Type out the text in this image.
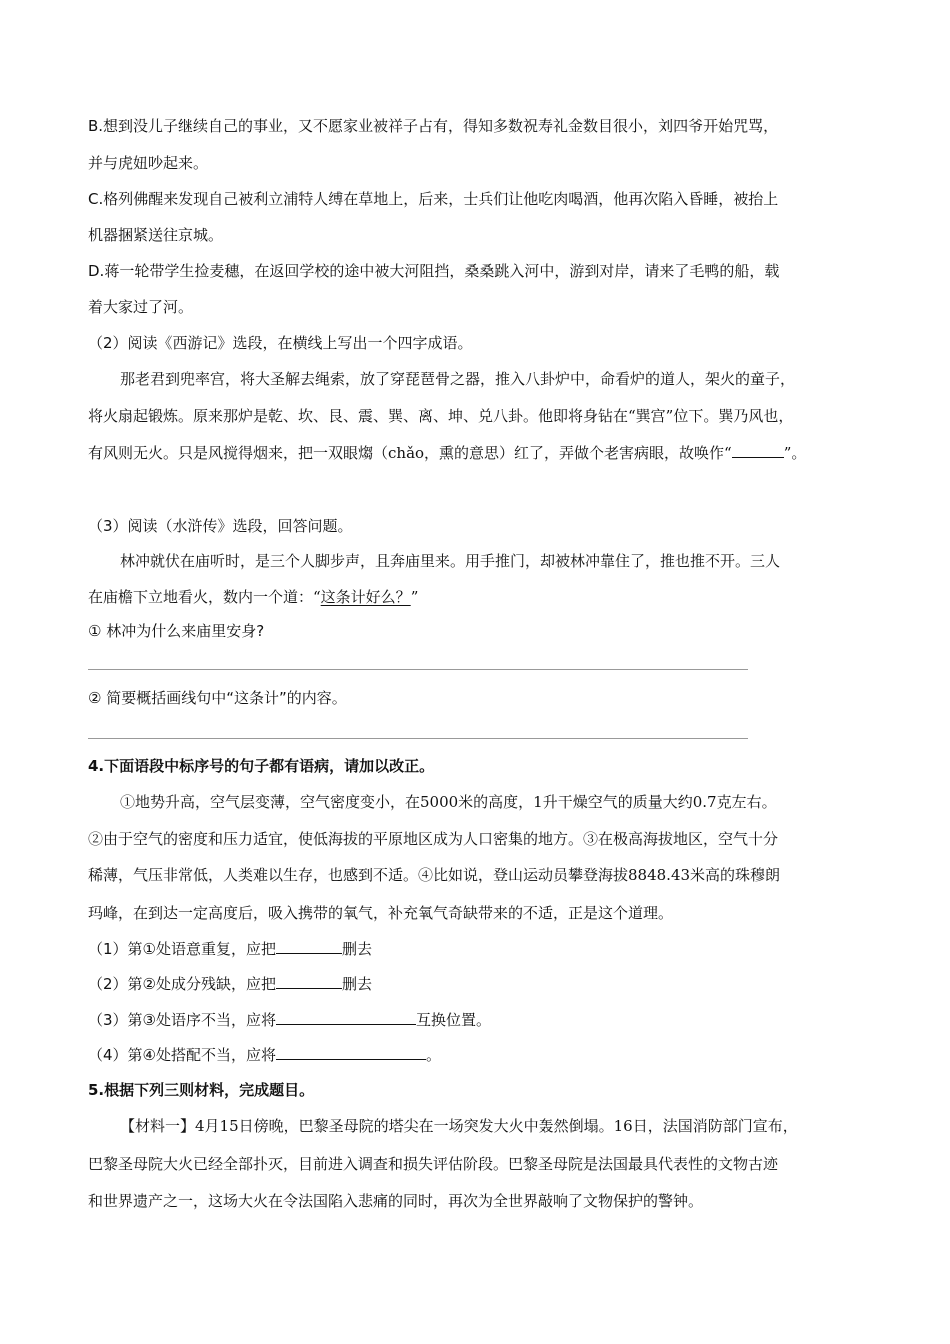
B.想到没儿子继续自己的事业，又不愿家业被祥子占有，得知多数祝寿礼金数目很小，刘四爷开始咒骂，
并与虎妞吵起来。
C.格列佛醒来发现自己被利立浦特人缚在草地上，后来，士兵们让他吃肉喝酒，他再次陷入昏睡，被抬上
机器捆紧送往京城。
D.蒋一轮带学生捡麦穗，在返回学校的途中被大河阻挡，桑桑跳入河中，游到对岸，请来了毛鸭的船，载
着大家过了河。
（2）阅读《西游记》选段，在横线上写出一个四字成语。
那老君到兜率宫，将大圣解去绳索，放了穿琵琶骨之器，推入八卦炉中，命看炉的道人，架火的童子，
将火扇起锻炼。原来那炉是乾、坎、艮、震、巽、离、坤、兑八卦。他即将身钻在“巽宫”位下。巽乃风也，
有风则无火。只是风搅得烟来，把一双眼煼（chǎo，熏的意思）红了，弄做个老害病眼，故唤作“	”。
（3）阅读（水浒传》选段，回答问题。
林冲就伏在庙听时，是三个人脚步声，且奔庙里来。用手推门，却被林冲靠住了，推也推不开。三人
在庙檐下立地看火，数内一个道：“这条计好么？”
① 林冲为什么来庙里安身?
② 简要概括画线句中“这条计”的内容。
4.下面语段中标序号的句子都有语病，请加以改正。
①地势升高，空气层变薄，空气密度变小，在5000米的高度，1升干燥空气的质量大约0.7克左右。
②由于空气的密度和压力适宜，使低海拔的平原地区成为人口密集的地方。③在极高海拔地区，空气十分
稀薄，气压非常低，人类难以生存，也感到不适。④比如说，登山运动员攀登海拔8848.43米高的珠穆朗
玛峰，在到达一定高度后，吸入携带的氧气，补充氧气奇缺带来的不适，正是这个道理。
（1）第①处语意重复，应把	删去
（2）第②处成分残缺，应把	删去
（3）第③处语序不当，应将	互换位置。
（4）第④处搭配不当，应将	。
5.根据下列三则材料，完成题目。
【材料一】4月15日傍晚，巴黎圣母院的塔尖在一场突发大火中轰然倒塌。16日，法国消防部门宣布，
巴黎圣母院大火已经全部扑灭，目前进入调查和损失评估阶段。巴黎圣母院是法国最具代表性的文物古迹
和世界遗产之一，这场大火在令法国陷入悲痛的同时，再次为全世界敲响了文物保护的警钟。
